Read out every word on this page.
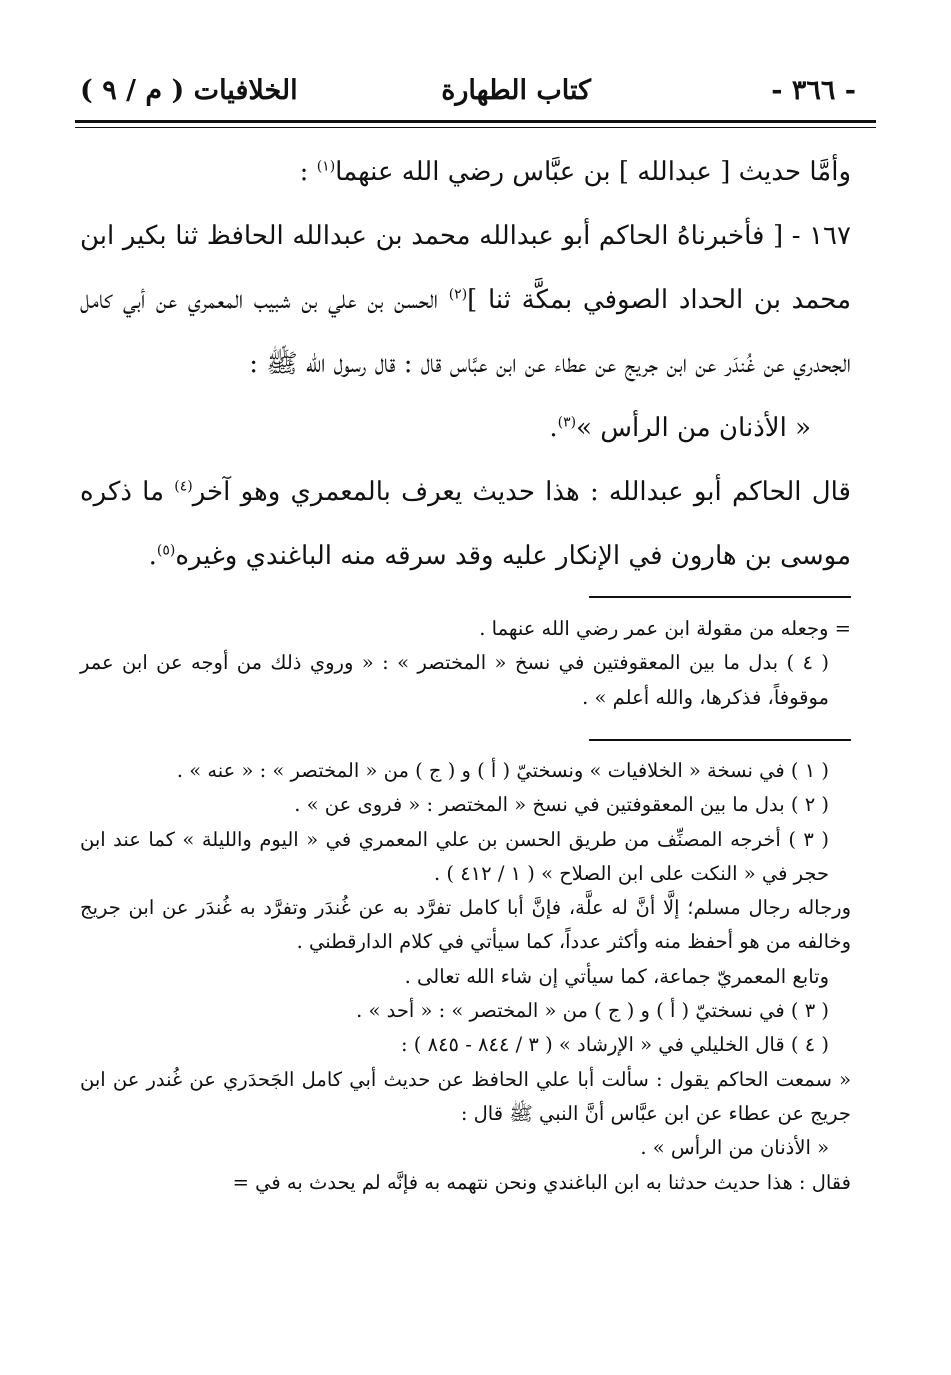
- ٣٦٦ -
كتاب الطهارة
الخلافيات ( م / ٩ )

وأمَّا حديث [ عبدالله ] بن عبَّاس رضي الله عنهما$^{(١)}$ :

١٦٧ - [ فأخبرناهُ الحاكم أبو عبدالله محمد بن عبدالله الحافظ ثنا بكير ابن محمد بن الحداد الصوفي بمكَّة ثنا ]$^{(٢)}$ الحسن بن علي بن شبيب المعمري عن أبي كامل الجحدري عن غُندَر عن ابن جريج عن عطاء عن ابن عبَّاس قال : قال رسول الله ﷺ :

« الأذنان من الرأس »$^{(٣)}$.

قال الحاكم أبو عبدالله : هذا حديث يعرف بالمعمري وهو آخر$^{(٤)}$ ما ذكره موسى بن هارون في الإنكار عليه وقد سرقه منه الباغندي وغيره$^{(٥)}$.

= وجعله من مقولة ابن عمر رضي الله عنهما .

( ٤ ) بدل ما بين المعقوفتين في نسخ « المختصر » : « وروي ذلك من أوجه عن ابن عمر موقوفاً، فذكرها، والله أعلم » .

( ١ ) في نسخة « الخلافيات » ونسختيّ ( أ ) و ( ج ) من « المختصر » : « عنه » .

( ٢ ) بدل ما بين المعقوفتين في نسخ « المختصر : « فروى عن » .

( ٣ ) أخرجه المصنِّف من طريق الحسن بن علي المعمري في « اليوم والليلة » كما عند ابن حجر في « النكت على ابن الصلاح » ( ١ / ٤١٢ ) .

ورجاله رجال مسلم؛ إلَّا أنَّ له علَّة، فإنَّ أبا كامل تفرَّد به عن غُندَر وتفرَّد به غُندَر عن ابن جريج وخالفه من هو أحفظ منه وأكثر عدداً، كما سيأتي في كلام الدارقطني .

وتابع المعمريّ جماعة، كما سيأتي إن شاء الله تعالى .

( ٣ ) في نسختيّ ( أ ) و ( ج ) من « المختصر » : « أحد » .

( ٤ ) قال الخليلي في « الإرشاد » ( ٣ / ٨٤٤ - ٨٤٥ ) :

« سمعت الحاكم يقول : سألت أبا علي الحافظ عن حديث أبي كامل الجَحدَري عن غُندر عن ابن جريج عن عطاء عن ابن عبَّاس أنَّ النبي ﷺ قال :

« الأذنان من الرأس » .

فقال : هذا حديث حدثنا به ابن الباغندي ونحن نتهمه به فإنَّه لم يحدث به في =
